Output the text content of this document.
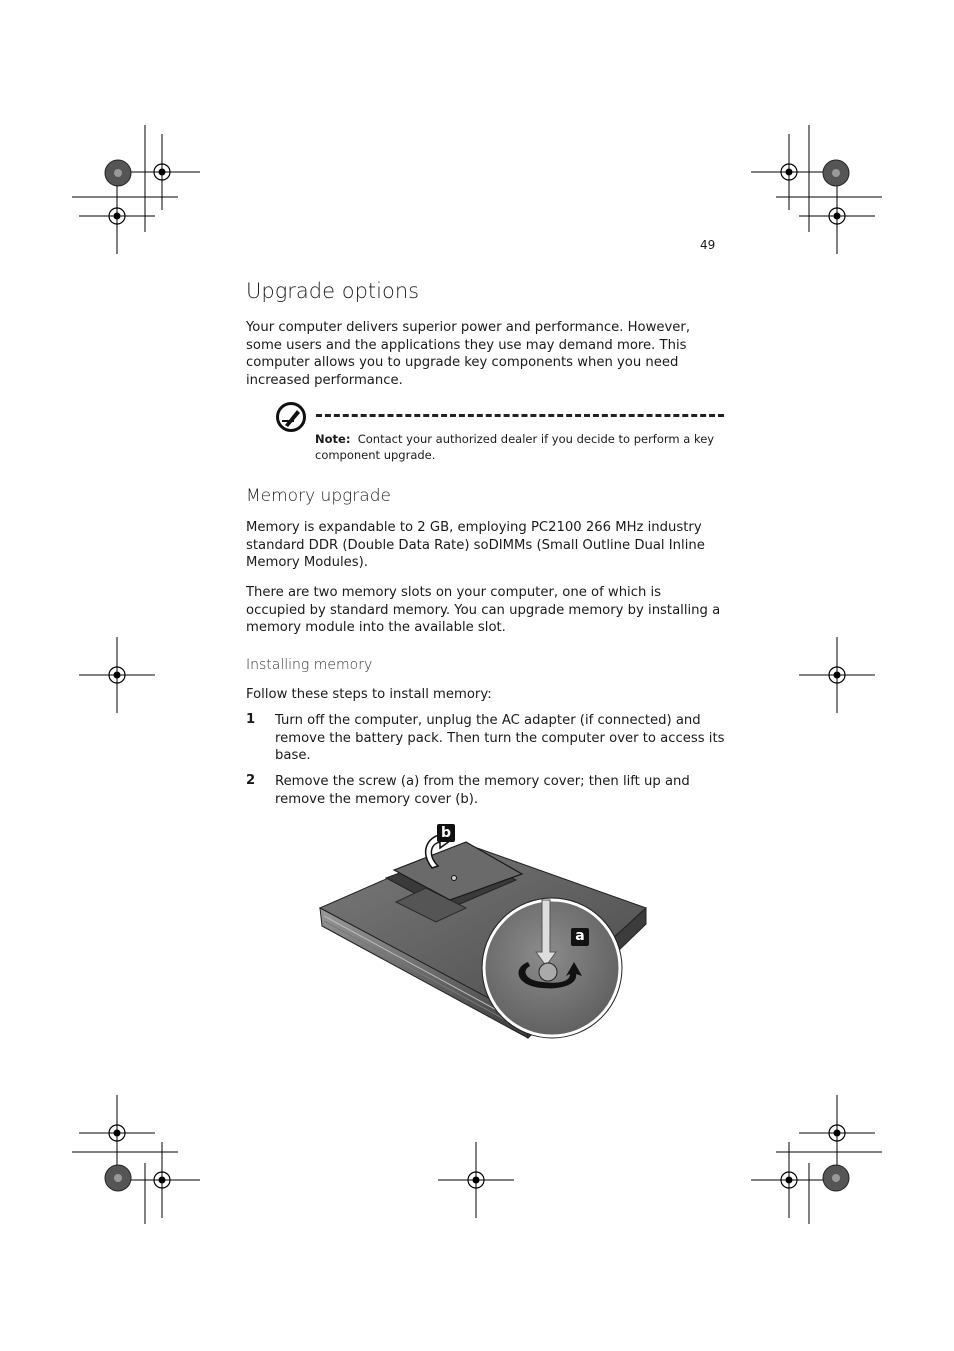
49
Upgrade options
Your computer delivers superior power and performance. However, some users and the applications they use may demand more. This computer allows you to upgrade key components when you need increased performance.
Note: Contact your authorized dealer if you decide to perform a key component upgrade.
Memory upgrade
Memory is expandable to 2 GB, employing PC2100 266 MHz industry standard DDR (Double Data Rate) soDIMMs (Small Outline Dual Inline Memory Modules).
There are two memory slots on your computer, one of which is occupied by standard memory. You can upgrade memory by installing a memory module into the available slot.
Installing memory
Follow these steps to install memory:
1 Turn off the computer, unplug the AC adapter (if connected) and remove the battery pack. Then turn the computer over to access its base.
2 Remove the screw (a) from the memory cover; then lift up and remove the memory cover (b).
b
a
